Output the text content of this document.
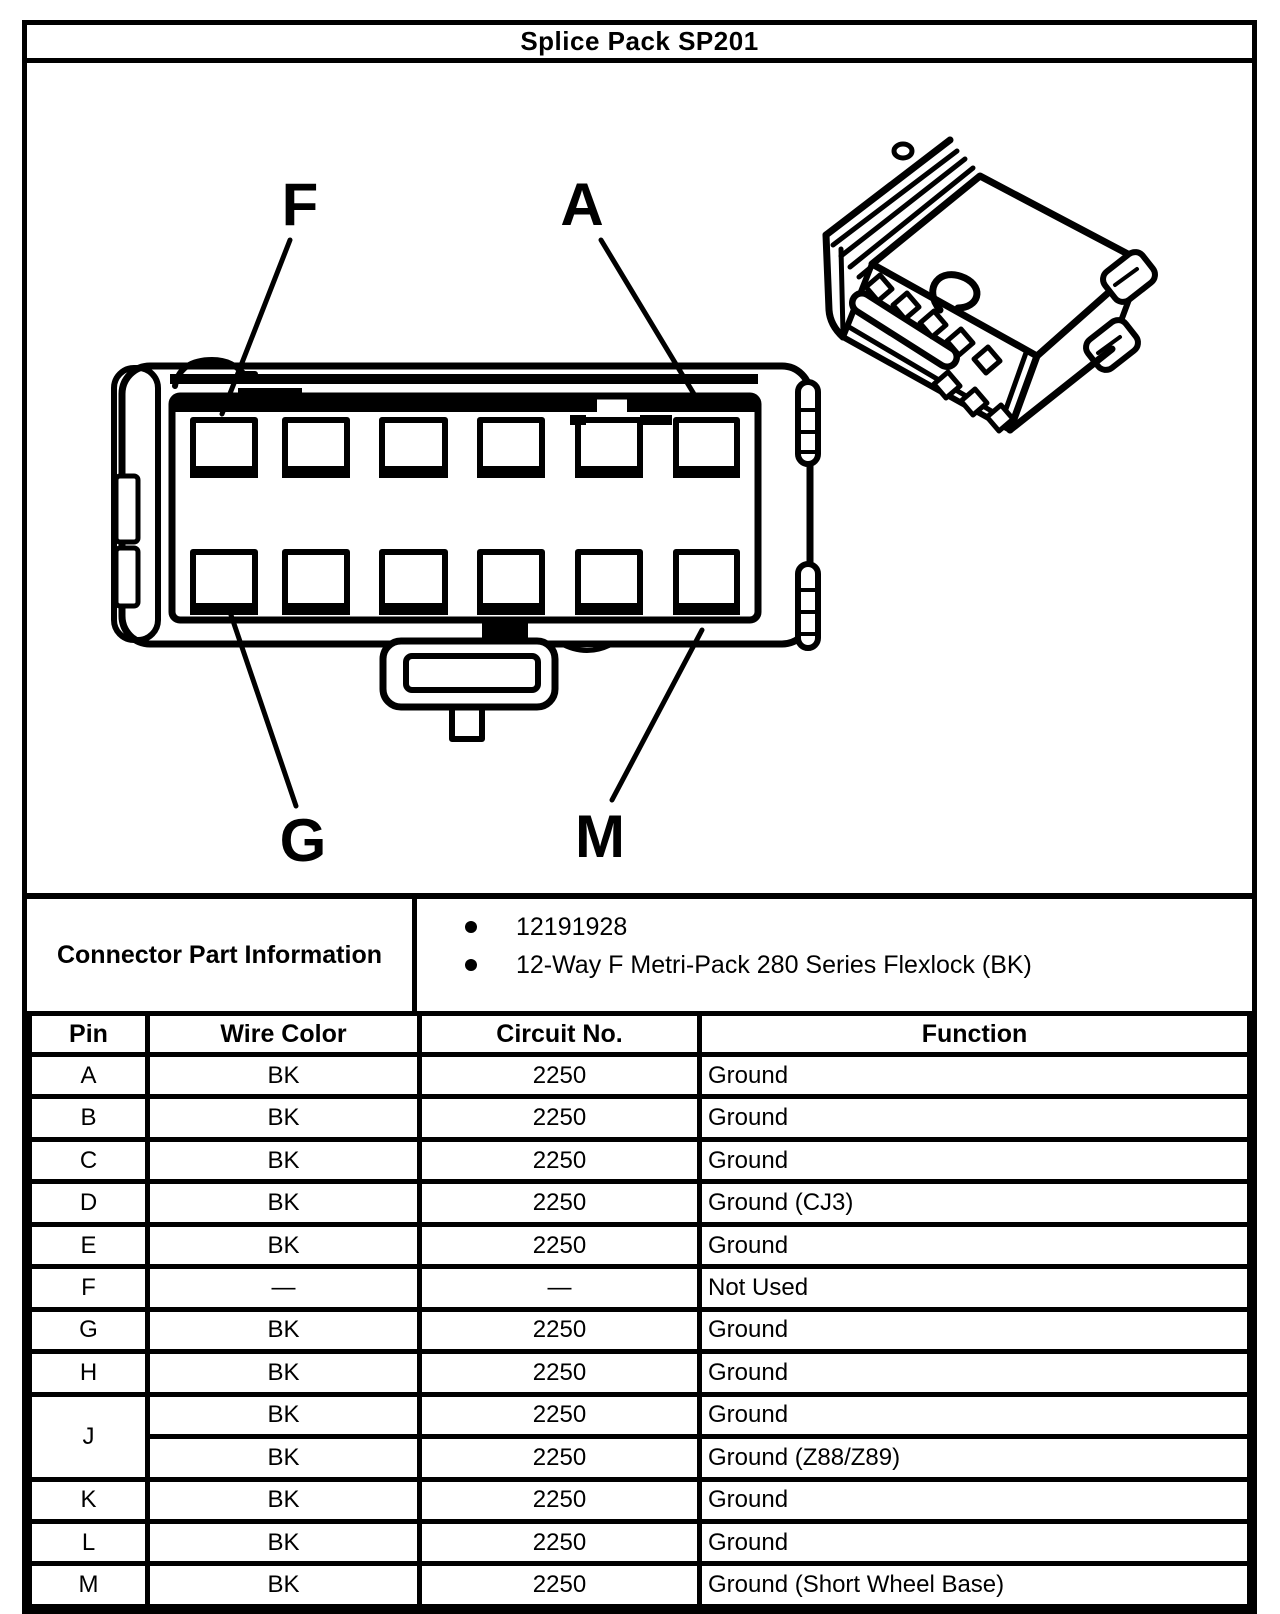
Splice Pack SP201
F	A
G	M
Connector Part Information
12191928
12-Way F Metri-Pack 280 Series Flexlock (BK)
Pin	Wire Color	Circuit No.	Function
A	BK	2250	Ground
B	BK	2250	Ground
C	BK	2250	Ground
D	BK	2250	Ground (CJ3)
E	BK	2250	Ground
F	—	—	Not Used
G	BK	2250	Ground
H	BK	2250	Ground
J	BK	2250	Ground
	BK	2250	Ground (Z88/Z89)
K	BK	2250	Ground
L	BK	2250	Ground
M	BK	2250	Ground (Short Wheel Base)
